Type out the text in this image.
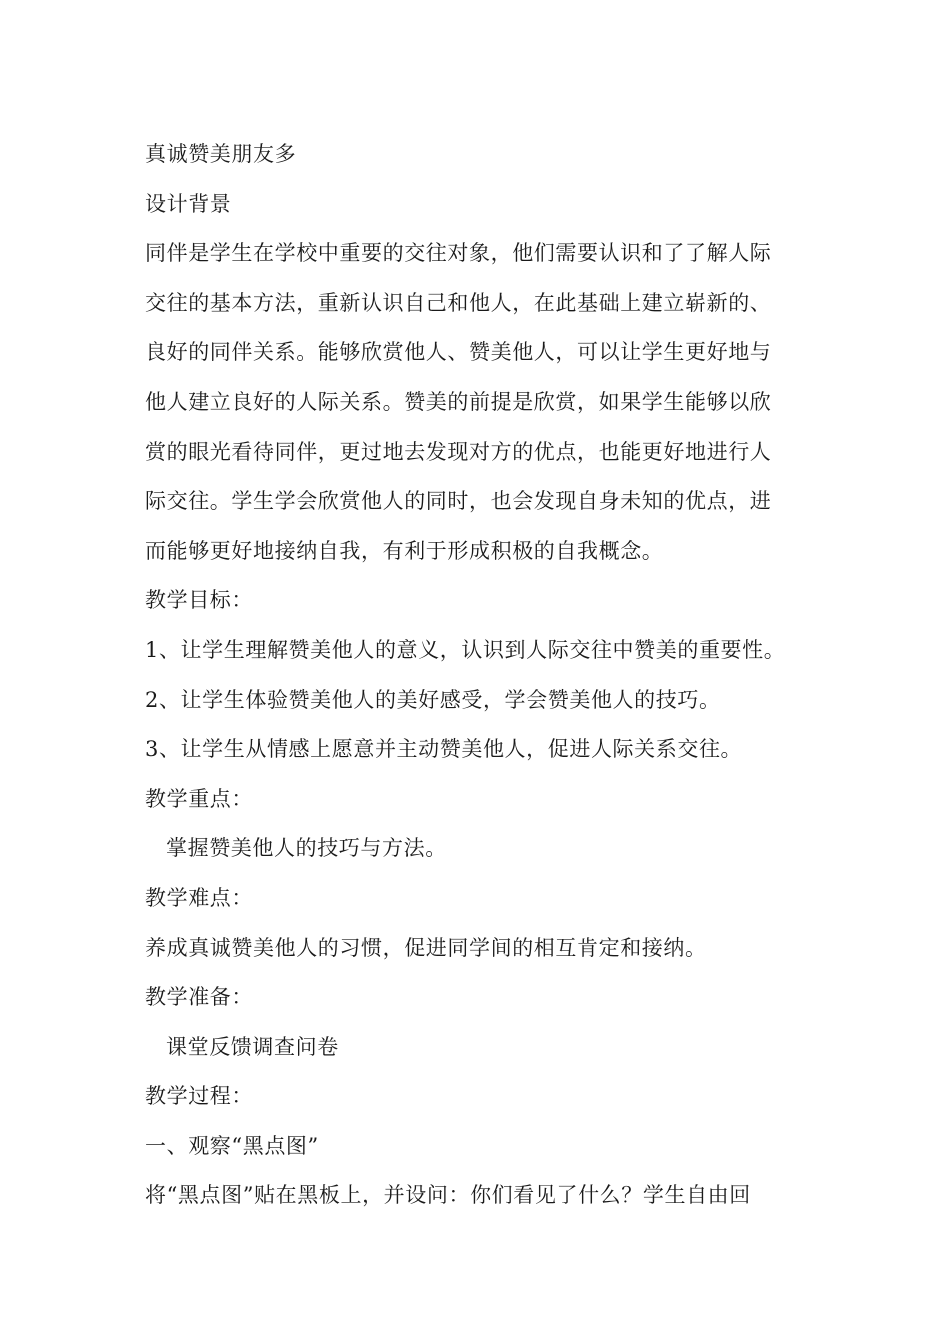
真诚赞美朋友多
设计背景
同伴是学生在学校中重要的交往对象，他们需要认识和了了解人际
交往的基本方法，重新认识自己和他人，在此基础上建立崭新的、
良好的同伴关系。能够欣赏他人、赞美他人，可以让学生更好地与
他人建立良好的人际关系。赞美的前提是欣赏，如果学生能够以欣
赏的眼光看待同伴，更过地去发现对方的优点，也能更好地进行人
际交往。学生学会欣赏他人的同时，也会发现自身未知的优点，进
而能够更好地接纳自我，有利于形成积极的自我概念。
教学目标：
1、让学生理解赞美他人的意义，认识到人际交往中赞美的重要性。
2、让学生体验赞美他人的美好感受，学会赞美他人的技巧。
3、让学生从情感上愿意并主动赞美他人，促进人际关系交往。
教学重点：
掌握赞美他人的技巧与方法。
教学难点：
养成真诚赞美他人的习惯，促进同学间的相互肯定和接纳。
教学准备：
课堂反馈调查问卷
教学过程：
一、观察“黑点图”
将“黑点图”贴在黑板上，并设问：你们看见了什么？学生自由回
